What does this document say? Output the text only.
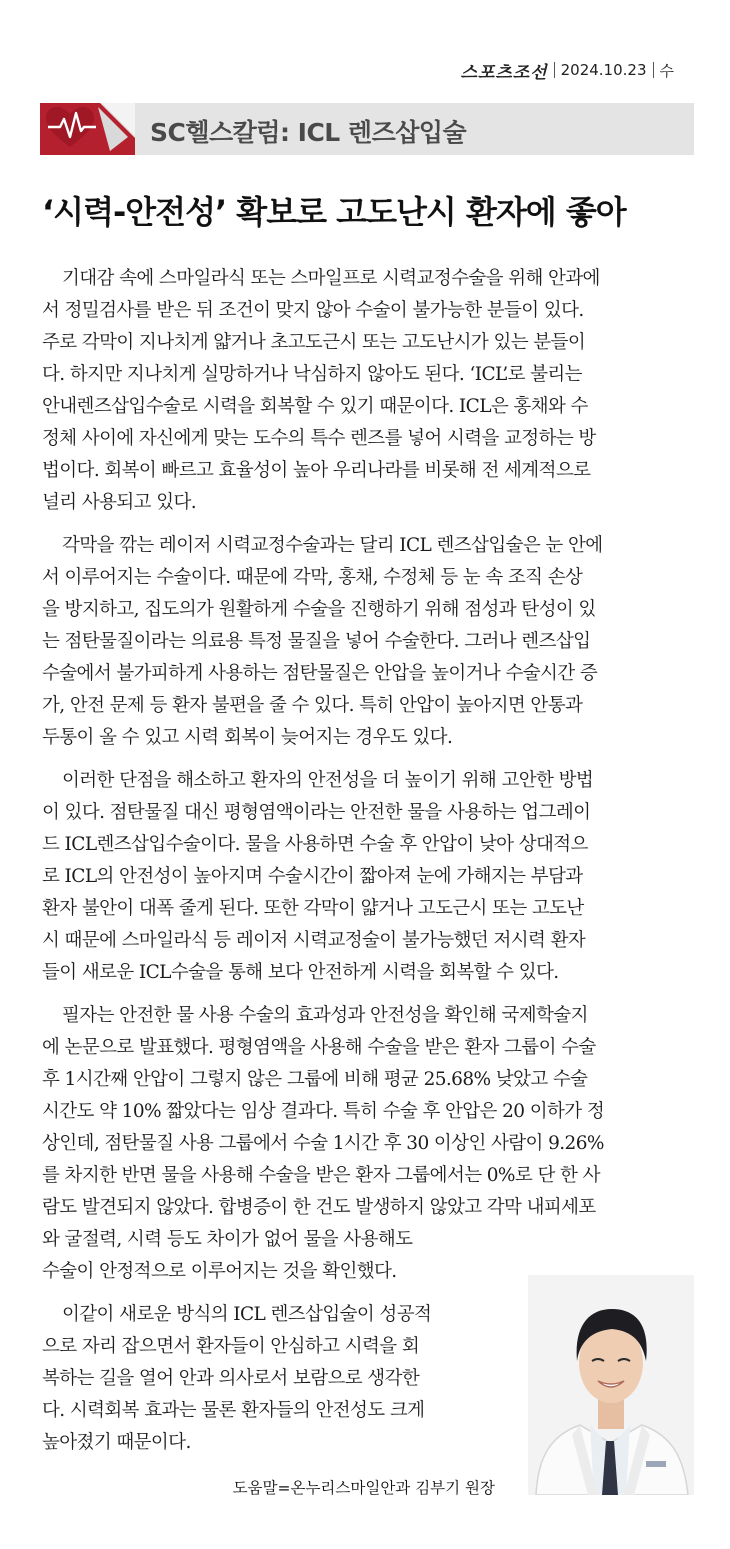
스포츠조선 2024.10.23 수
SC헬스칼럼: ICL 렌즈삽입술
‘시력-안전성’ 확보로 고도난시 환자에 좋아
기대감 속에 스마일라식 또는 스마일프로 시력교정수술을 위해 안과에
서 정밀검사를 받은 뒤 조건이 맞지 않아 수술이 불가능한 분들이 있다.
주로 각막이 지나치게 얇거나 초고도근시 또는 고도난시가 있는 분들이
다. 하지만 지나치게 실망하거나 낙심하지 않아도 된다. ‘ICL’로 불리는
안내렌즈삽입수술로 시력을 회복할 수 있기 때문이다. ICL은 홍채와 수
정체 사이에 자신에게 맞는 도수의 특수 렌즈를 넣어 시력을 교정하는 방
법이다. 회복이 빠르고 효율성이 높아 우리나라를 비롯해 전 세계적으로
널리 사용되고 있다.
각막을 깎는 레이저 시력교정수술과는 달리 ICL 렌즈삽입술은 눈 안에
서 이루어지는 수술이다. 때문에 각막, 홍채, 수정체 등 눈 속 조직 손상
을 방지하고, 집도의가 원활하게 수술을 진행하기 위해 점성과 탄성이 있
는 점탄물질이라는 의료용 특정 물질을 넣어 수술한다. 그러나 렌즈삽입
수술에서 불가피하게 사용하는 점탄물질은 안압을 높이거나 수술시간 증
가, 안전 문제 등 환자 불편을 줄 수 있다. 특히 안압이 높아지면 안통과
두통이 올 수 있고 시력 회복이 늦어지는 경우도 있다.
이러한 단점을 해소하고 환자의 안전성을 더 높이기 위해 고안한 방법
이 있다. 점탄물질 대신 평형염액이라는 안전한 물을 사용하는 업그레이
드 ICL렌즈삽입수술이다. 물을 사용하면 수술 후 안압이 낮아 상대적으
로 ICL의 안전성이 높아지며 수술시간이 짧아져 눈에 가해지는 부담과
환자 불안이 대폭 줄게 된다. 또한 각막이 얇거나 고도근시 또는 고도난
시 때문에 스마일라식 등 레이저 시력교정술이 불가능했던 저시력 환자
들이 새로운 ICL수술을 통해 보다 안전하게 시력을 회복할 수 있다.
필자는 안전한 물 사용 수술의 효과성과 안전성을 확인해 국제학술지
에 논문으로 발표했다. 평형염액을 사용해 수술을 받은 환자 그룹이 수술
후 1시간째 안압이 그렇지 않은 그룹에 비해 평균 25.68% 낮았고 수술
시간도 약 10% 짧았다는 임상 결과다. 특히 수술 후 안압은 20 이하가 정
상인데, 점탄물질 사용 그룹에서 수술 1시간 후 30 이상인 사람이 9.26%
를 차지한 반면 물을 사용해 수술을 받은 환자 그룹에서는 0%로 단 한 사
람도 발견되지 않았다. 합병증이 한 건도 발생하지 않았고 각막 내피세포
와 굴절력, 시력 등도 차이가 없어 물을 사용해도
수술이 안정적으로 이루어지는 것을 확인했다.
이같이 새로운 방식의 ICL 렌즈삽입술이 성공적
으로 자리 잡으면서 환자들이 안심하고 시력을 회
복하는 길을 열어 안과 의사로서 보람으로 생각한
다. 시력회복 효과는 물론 환자들의 안전성도 크게
높아졌기 때문이다.
도움말=온누리스마일안과 김부기 원장
